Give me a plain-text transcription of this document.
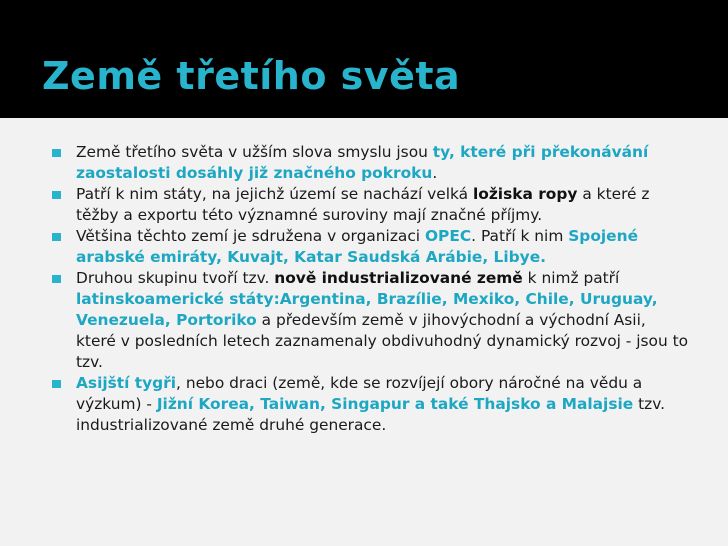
Země třetího světa
Země třetího světa v užším slova smyslu jsou ty, které při překonávání zaostalosti dosáhly již značného pokroku.
Patří k nim státy, na jejichž území se nachází velká ložiska ropy a které z těžby a exportu této významné suroviny mají značné příjmy.
Většina těchto zemí je sdružena v organizaci OPEC. Patří k nim Spojené arabské emiráty, Kuvajt, Katar Saudská Arábie, Libye.
Druhou skupinu tvoří tzv. nově industrializované země k nimž patří latinskoamerické státy:Argentina, Brazílie, Mexiko, Chile, Uruguay, Venezuela, Portoriko a především země v jihovýchodní a východní Asii, které v posledních letech zaznamenaly obdivuhodný dynamický rozvoj - jsou to tzv.
Asijští tygři, nebo draci (země, kde se rozvíjejí obory náročné na vědu a výzkum) - Jižní Korea, Taiwan, Singapur a také Thajsko a Malajsie tzv. industrializované země druhé generace.
